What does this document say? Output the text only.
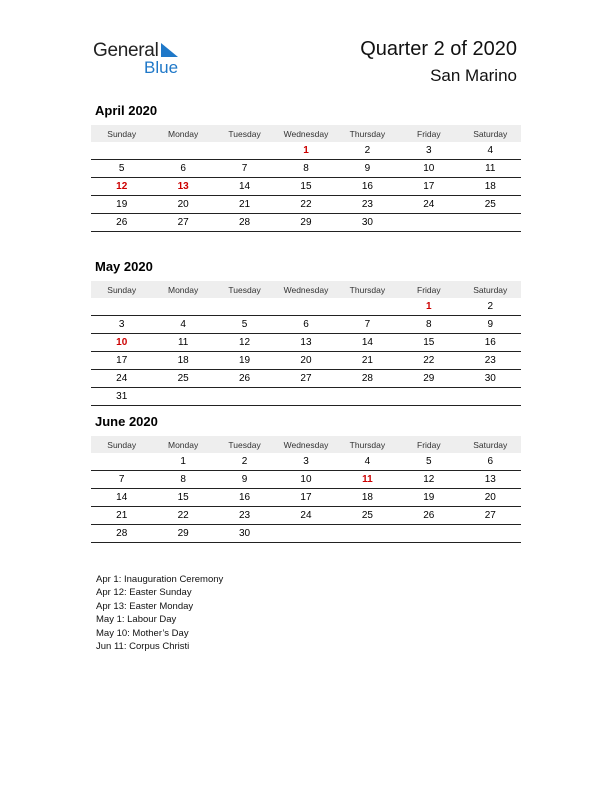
General
Blue
Quarter 2 of 2020
San Marino
April 2020
Sunday	Monday	Tuesday	Wednesday	Thursday	Friday	Saturday
			1	2	3	4
5	6	7	8	9	10	11
12	13	14	15	16	17	18
19	20	21	22	23	24	25
26	27	28	29	30		
May 2020
Sunday	Monday	Tuesday	Wednesday	Thursday	Friday	Saturday
					1	2
3	4	5	6	7	8	9
10	11	12	13	14	15	16
17	18	19	20	21	22	23
24	25	26	27	28	29	30
31						
June 2020
Sunday	Monday	Tuesday	Wednesday	Thursday	Friday	Saturday
	1	2	3	4	5	6
7	8	9	10	11	12	13
14	15	16	17	18	19	20
21	22	23	24	25	26	27
28	29	30				
Apr 1: Inauguration Ceremony
Apr 12: Easter Sunday
Apr 13: Easter Monday
May 1: Labour Day
May 10: Mother’s Day
Jun 11: Corpus Christi
